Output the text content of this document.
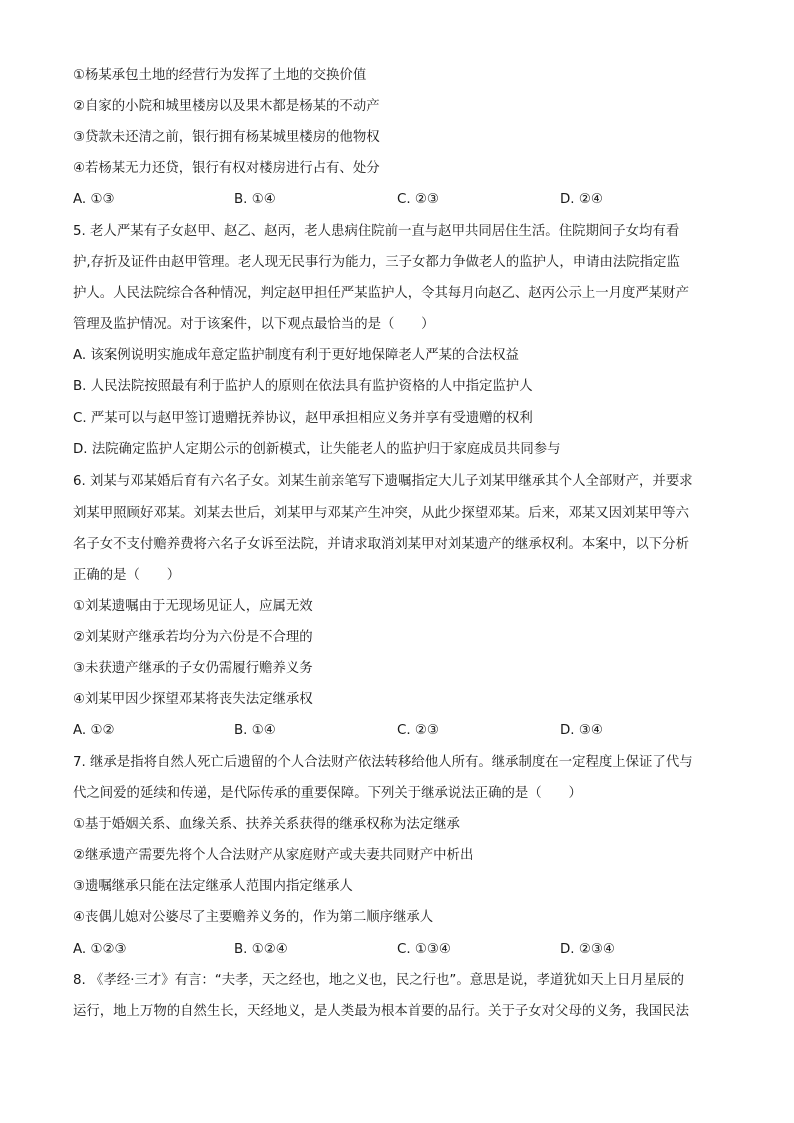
①杨某承包土地的经营行为发挥了土地的交换价值
②自家的小院和城里楼房以及果木都是杨某的不动产
③贷款未还清之前，银行拥有杨某城里楼房的他物权
④若杨某无力还贷，银行有权对楼房进行占有、处分
A. ①③	B. ①④	C. ②③	D. ②④
5. 老人严某有子女赵甲、赵乙、赵丙，老人患病住院前一直与赵甲共同居住生活。住院期间子女均有看
护,存折及证件由赵甲管理。老人现无民事行为能力，三子女都力争做老人的监护人，申请由法院指定监
护人。人民法院综合各种情况，判定赵甲担任严某监护人，令其每月向赵乙、赵丙公示上一月度严某财产
管理及监护情况。对于该案件，以下观点最恰当的是（　　）
A. 该案例说明实施成年意定监护制度有利于更好地保障老人严某的合法权益
B. 人民法院按照最有利于监护人的原则在依法具有监护资格的人中指定监护人
C. 严某可以与赵甲签订遗赠抚养协议，赵甲承担相应义务并享有受遗赠的权利
D. 法院确定监护人定期公示的创新模式，让失能老人的监护归于家庭成员共同参与
6. 刘某与邓某婚后育有六名子女。刘某生前亲笔写下遗嘱指定大儿子刘某甲继承其个人全部财产，并要求
刘某甲照顾好邓某。刘某去世后，刘某甲与邓某产生冲突，从此少探望邓某。后来，邓某又因刘某甲等六
名子女不支付赡养费将六名子女诉至法院，并请求取消刘某甲对刘某遗产的继承权利。本案中，以下分析
正确的是（　　）
①刘某遗嘱由于无现场见证人，应属无效
②刘某财产继承若均分为六份是不合理的
③未获遗产继承的子女仍需履行赡养义务
④刘某甲因少探望邓某将丧失法定继承权
A. ①②	B. ①④	C. ②③	D. ③④
7. 继承是指将自然人死亡后遗留的个人合法财产依法转移给他人所有。继承制度在一定程度上保证了代与
代之间爱的延续和传递，是代际传承的重要保障。下列关于继承说法正确的是（　　）
①基于婚姻关系、血缘关系、扶养关系获得的继承权称为法定继承
②继承遗产需要先将个人合法财产从家庭财产或夫妻共同财产中析出
③遗嘱继承只能在法定继承人范围内指定继承人
④丧偶儿媳对公婆尽了主要赡养义务的，作为第二顺序继承人
A. ①②③	B. ①②④	C. ①③④	D. ②③④
8. 《孝经·三才》有言：“夫孝，天之经也，地之义也，民之行也”。意思是说，孝道犹如天上日月星辰的
运行，地上万物的自然生长，天经地义，是人类最为根本首要的品行。关于子女对父母的义务，我国民法
